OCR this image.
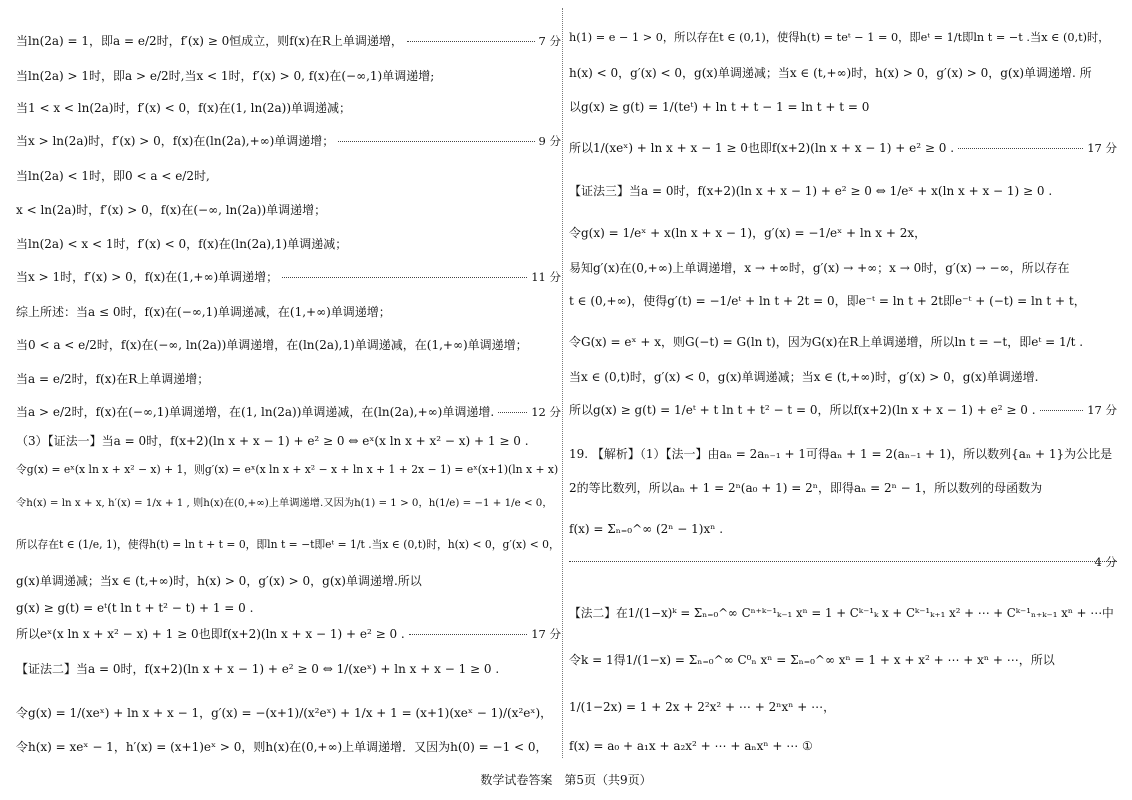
当ln(2a) = 1，即a = e/2时，f′(x) ≥ 0恒成立，则f(x)在R上单调递增，	7 分
当ln(2a) > 1时，即a > e/2时,当x < 1时，f′(x) > 0, f(x)在(−∞,1)单调递增;
当1 < x < ln(2a)时，f′(x) < 0，f(x)在(1, ln(2a))单调递减；
当x > ln(2a)时，f′(x) > 0，f(x)在(ln(2a),+∞)单调递增；	9 分
当ln(2a) < 1时，即0 < a < e/2时,
x < ln(2a)时，f′(x) > 0，f(x)在(−∞, ln(2a))单调递增；
当ln(2a) < x < 1时，f′(x) < 0，f(x)在(ln(2a),1)单调递减；
当x > 1时，f′(x) > 0，f(x)在(1,+∞)单调递增；	11 分
综上所述：当a ≤ 0时，f(x)在(−∞,1)单调递减，在(1,+∞)单调递增；
当0 < a < e/2时，f(x)在(−∞, ln(2a))单调递增，在(ln(2a),1)单调递减，在(1,+∞)单调递增；
当a = e/2时，f(x)在R上单调递增；
当a > e/2时，f(x)在(−∞,1)单调递增，在(1, ln(2a))单调递减，在(ln(2a),+∞)单调递增.	12 分
（3）【证法一】当a = 0时，f(x+2)(ln x + x − 1) + e² ≥ 0 ⇔ eˣ(x ln x + x² − x) + 1 ≥ 0 .
令g(x) = eˣ(x ln x + x² − x) + 1，则g′(x) = eˣ(x ln x + x² − x + ln x + 1 + 2x − 1) = eˣ(x+1)(ln x + x)
令h(x) = ln x + x, h′(x) = 1/x + 1 , 则h(x)在(0,+∞)上单调递增.又因为h(1) = 1 > 0，h(1/e) = −1 + 1/e < 0，
所以存在t ∈ (1/e, 1)，使得h(t) = ln t + t = 0，即ln t = −t即eᵗ = 1/t .当x ∈ (0,t)时，h(x) < 0，g′(x) < 0，
g(x)单调递减；当x ∈ (t,+∞)时，h(x) > 0，g′(x) > 0，g(x)单调递增.所以
g(x) ≥ g(t) = eᵗ(t ln t + t² − t) + 1 = 0 .
所以eˣ(x ln x + x² − x) + 1 ≥ 0也即f(x+2)(ln x + x − 1) + e² ≥ 0 .	17 分
【证法二】当a = 0时，f(x+2)(ln x + x − 1) + e² ≥ 0 ⇔ 1/(xeˣ) + ln x + x − 1 ≥ 0 .
令g(x) = 1/(xeˣ) + ln x + x − 1，g′(x) = −(x+1)/(x²eˣ) + 1/x + 1 = (x+1)(xeˣ − 1)/(x²eˣ)，
令h(x) = xeˣ − 1，h′(x) = (x+1)eˣ > 0，则h(x)在(0,+∞)上单调递增．又因为h(0) = −1 < 0，
4 分
h(1) = e − 1 > 0，所以存在t ∈ (0,1)，使得h(t) = teᵗ − 1 = 0，即eᵗ = 1/t即ln t = −t .当x ∈ (0,t)时，
h(x) < 0，g′(x) < 0，g(x)单调递减；当x ∈ (t,+∞)时，h(x) > 0，g′(x) > 0，g(x)单调递增. 所
以g(x) ≥ g(t) = 1/(teᵗ) + ln t + t − 1 = ln t + t = 0
所以1/(xeˣ) + ln x + x − 1 ≥ 0也即f(x+2)(ln x + x − 1) + e² ≥ 0 .	17 分
【证法三】当a = 0时，f(x+2)(ln x + x − 1) + e² ≥ 0 ⇔ 1/eˣ + x(ln x + x − 1) ≥ 0 .
令g(x) = 1/eˣ + x(ln x + x − 1)，g′(x) = −1/eˣ + ln x + 2x，
易知g′(x)在(0,+∞)上单调递增，x → +∞时，g′(x) → +∞；x → 0时，g′(x) → −∞，所以存在
t ∈ (0,+∞)，使得g′(t) = −1/eᵗ + ln t + 2t = 0，即e⁻ᵗ = ln t + 2t即e⁻ᵗ + (−t) = ln t + t，
令G(x) = eˣ + x，则G(−t) = G(ln t)，因为G(x)在R上单调递增，所以ln t = −t，即eᵗ = 1/t .
当x ∈ (0,t)时，g′(x) < 0，g(x)单调递减；当x ∈ (t,+∞)时，g′(x) > 0，g(x)单调递增.
所以g(x) ≥ g(t) = 1/eᵗ + t ln t + t² − t = 0，所以f(x+2)(ln x + x − 1) + e² ≥ 0 .	17 分
19. 【解析】（1）【法一】由aₙ = 2aₙ₋₁ + 1可得aₙ + 1 = 2(aₙ₋₁ + 1)，所以数列{aₙ + 1}为公比是
2的等比数列，所以aₙ + 1 = 2ⁿ(a₀ + 1) = 2ⁿ，即得aₙ = 2ⁿ − 1，所以数列的母函数为
f(x) = Σₙ₌₀^∞ (2ⁿ − 1)xⁿ .
【法二】在1/(1−x)ᵏ = Σₙ₌₀^∞ Cⁿ⁺ᵏ⁻¹ₖ₋₁ xⁿ = 1 + Cᵏ⁻¹ₖ x + Cᵏ⁻¹ₖ₊₁ x² + ⋯ + Cᵏ⁻¹ₙ₊ₖ₋₁ xⁿ + ⋯中
令k = 1得1/(1−x) = Σₙ₌₀^∞ C⁰ₙ xⁿ = Σₙ₌₀^∞ xⁿ = 1 + x + x² + ⋯ + xⁿ + ⋯，所以
1/(1−2x) = 1 + 2x + 2²x² + ⋯ + 2ⁿxⁿ + ⋯，
f(x) = a₀ + a₁x + a₂x² + ⋯ + aₙxⁿ + ⋯ ①
数学试卷答案　第5页（共9页）
